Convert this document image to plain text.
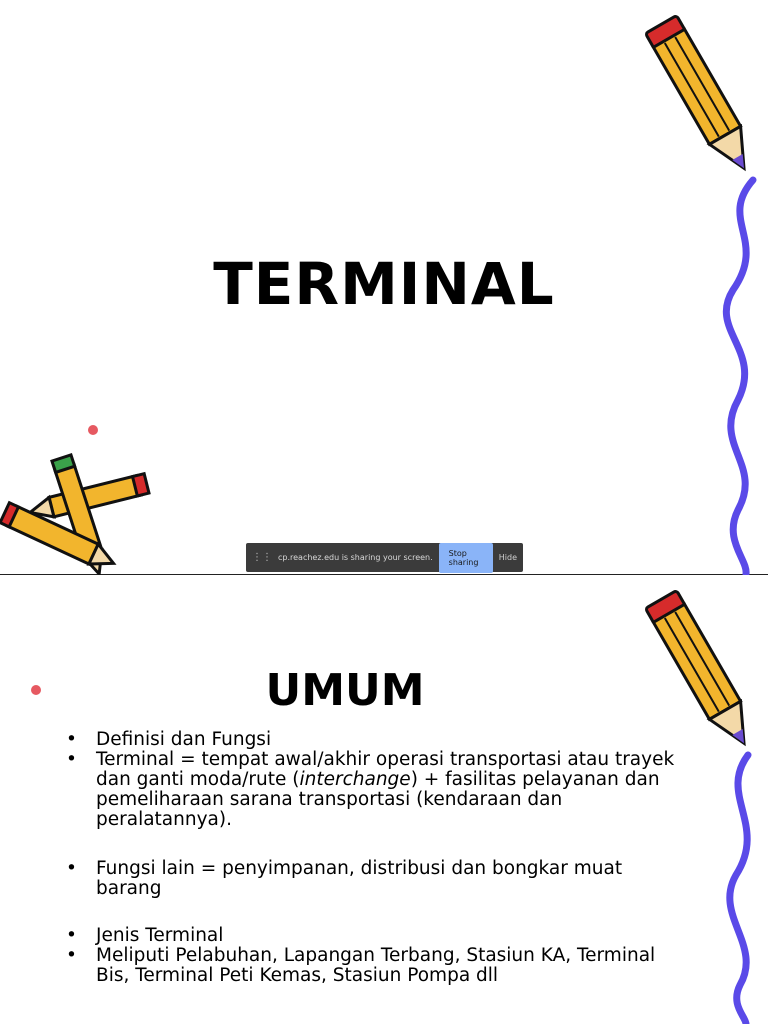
TERMINAL
⋮⋮ cp.reachez.edu is sharing your screen.	Stop sharing	Hide
UMUM
• Definisi dan Fungsi
• Terminal = tempat awal/akhir operasi transportasi atau trayek dan ganti moda/rute (interchange) + fasilitas pelayanan dan pemeliharaan sarana transportasi (kendaraan dan peralatannya).
• Fungsi lain = penyimpanan, distribusi dan bongkar muat barang
• Jenis Terminal
• Meliputi Pelabuhan, Lapangan Terbang, Stasiun KA, Terminal Bis, Terminal Peti Kemas, Stasiun Pompa dll
